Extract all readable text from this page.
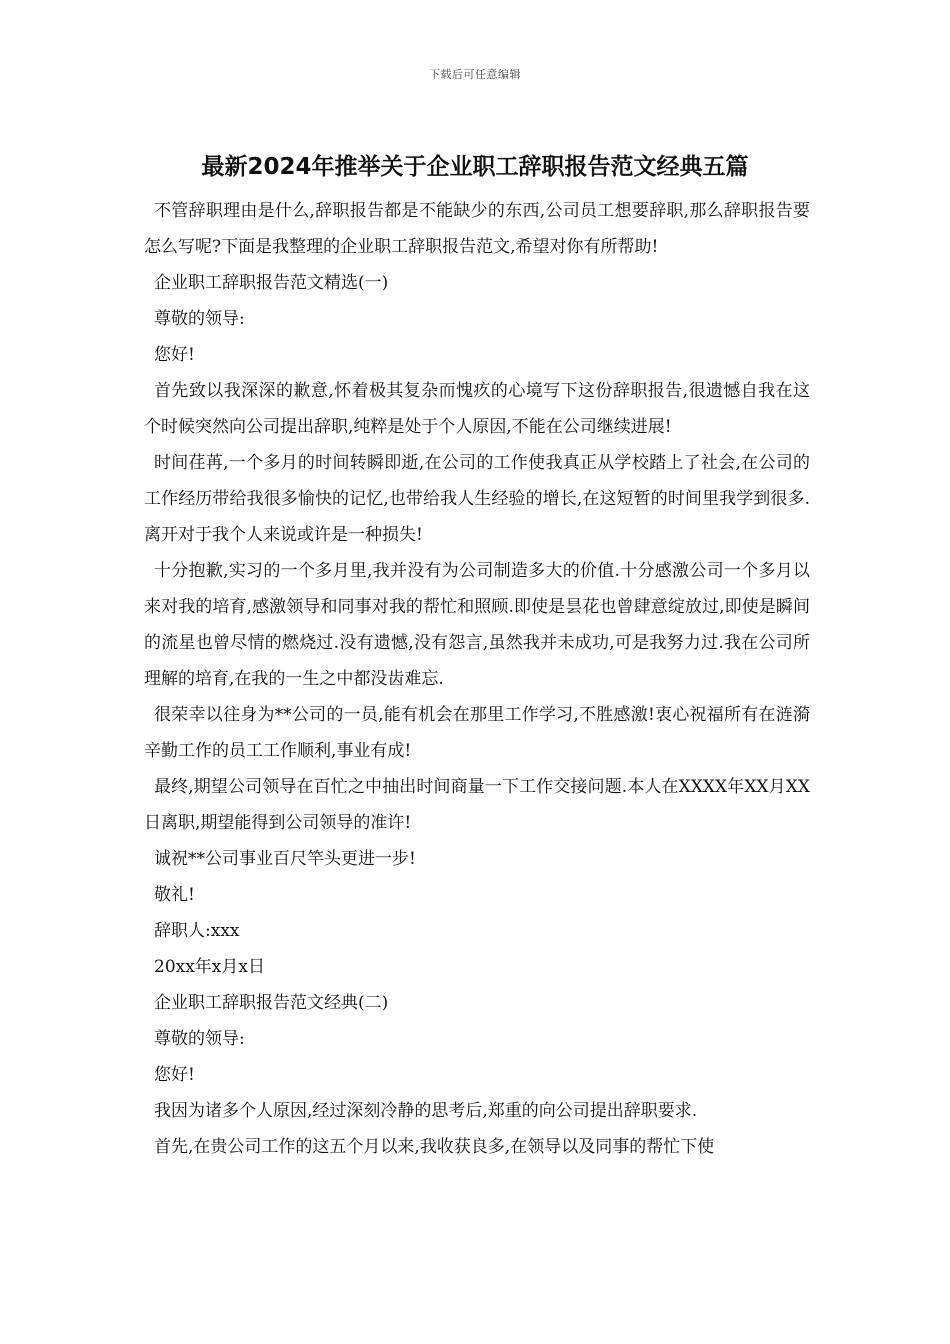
下载后可任意编辑
最新2024年推举关于企业职工辞职报告范文经典五篇

不管辞职理由是什么,辞职报告都是不能缺少的东西,公司员工想要辞职,那么辞职报告要怎么写呢?下面是我整理的企业职工辞职报告范文,希望对你有所帮助!

企业职工辞职报告范文精选(一)

尊敬的领导:

您好!

首先致以我深深的歉意,怀着极其复杂而愧疚的心境写下这份辞职报告,很遗憾自我在这个时候突然向公司提出辞职,纯粹是处于个人原因,不能在公司继续进展!

时间荏苒,一个多月的时间转瞬即逝,在公司的工作使我真正从学校踏上了社会,在公司的工作经历带给我很多愉快的记忆,也带给我人生经验的增长,在这短暂的时间里我学到很多.离开对于我个人来说或许是一种损失!

十分抱歉,实习的一个多月里,我并没有为公司制造多大的价值.十分感激公司一个多月以来对我的培育,感激领导和同事对我的帮忙和照顾.即使是昙花也曾肆意绽放过,即使是瞬间的流星也曾尽情的燃烧过.没有遗憾,没有怨言,虽然我并未成功,可是我努力过.我在公司所理解的培育,在我的一生之中都没齿难忘.

很荣幸以往身为**公司的一员,能有机会在那里工作学习,不胜感激!衷心祝福所有在涟漪辛勤工作的员工工作顺利,事业有成!

最终,期望公司领导在百忙之中抽出时间商量一下工作交接问题.本人在XXXX年XX月XX日离职,期望能得到公司领导的准许!

诚祝**公司事业百尺竿头更进一步!

敬礼!

辞职人:xxx

20xx年x月x日

企业职工辞职报告范文经典(二)

尊敬的领导:

您好!

我因为诸多个人原因,经过深刻冷静的思考后,郑重的向公司提出辞职要求.

首先,在贵公司工作的这五个月以来,我收获良多,在领导以及同事的帮忙下使
